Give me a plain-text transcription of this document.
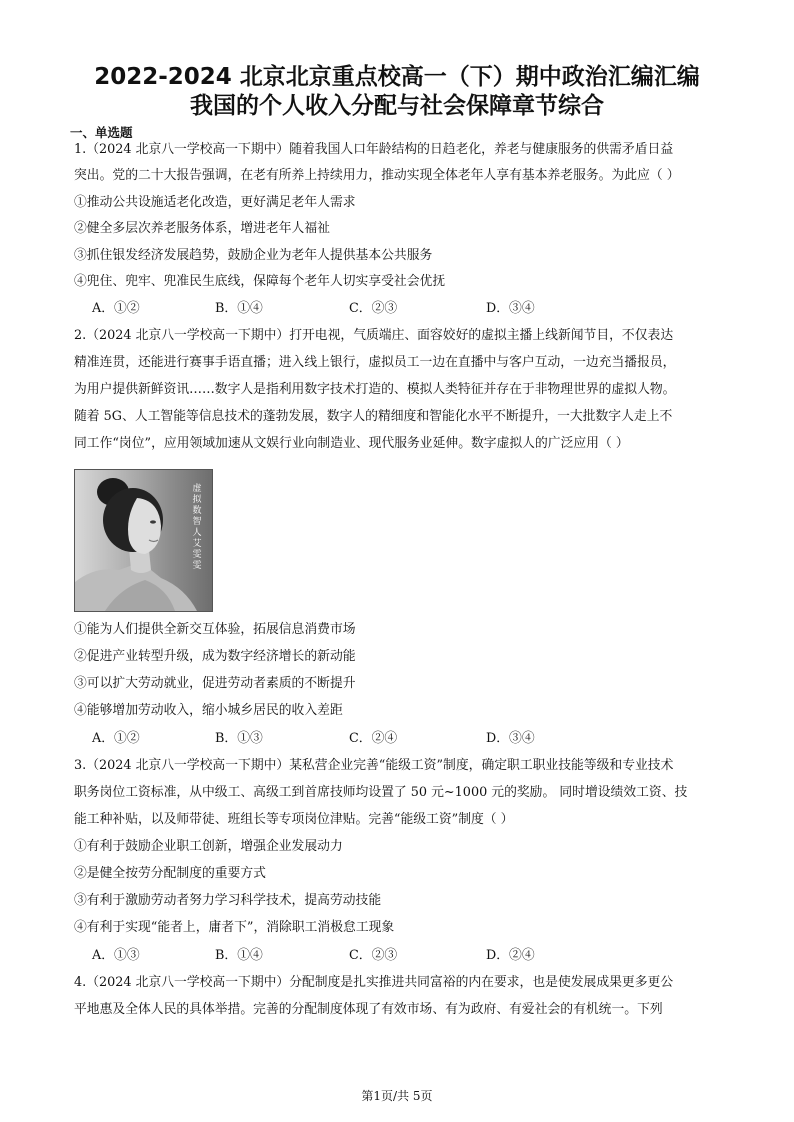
2022-2024 北京北京重点校高一（下）期中政治汇编汇编
我国的个人收入分配与社会保障章节综合
一、单选题
1.（2024 北京八一学校高一下期中）随着我国人口年龄结构的日趋老化，养老与健康服务的供需矛盾日益
突出。党的二十大报告强调，在老有所养上持续用力，推动实现全体老年人享有基本养老服务。为此应（ ）
①推动公共设施适老化改造，更好满足老年人需求
②健全多层次养老服务体系，增进老年人福祉
③抓住银发经济发展趋势，鼓励企业为老年人提供基本公共服务
④兜住、兜牢、兜准民生底线，保障每个老年人切实享受社会优抚
A．①②	B．①④	C．②③	D．③④
2.（2024 北京八一学校高一下期中）打开电视，气质端庄、面容姣好的虚拟主播上线新闻节目，不仅表达
精准连贯，还能进行赛事手语直播；进入线上银行，虚拟员工一边在直播中与客户互动，一边充当播报员，
为用户提供新鲜资讯……数字人是指利用数字技术打造的、模拟人类特征并存在于非物理世界的虚拟人物。
随着 5G、人工智能等信息技术的蓬勃发展，数字人的精细度和智能化水平不断提升，一大批数字人走上不
同工作“岗位”，应用领域加速从文娱行业向制造业、现代服务业延伸。数字虚拟人的广泛应用（ ）
虚拟数智人 艾雯雯
①能为人们提供全新交互体验，拓展信息消费市场
②促进产业转型升级，成为数字经济增长的新动能
③可以扩大劳动就业，促进劳动者素质的不断提升
④能够增加劳动收入，缩小城乡居民的收入差距
A．①②	B．①③	C．②④	D．③④
3.（2024 北京八一学校高一下期中）某私营企业完善“能级工资”制度，确定职工职业技能等级和专业技术
职务岗位工资标准，从中级工、高级工到首席技师均设置了 50 元~1000 元的奖励。 同时增设绩效工资、技
能工种补贴，以及师带徒、班组长等专项岗位津贴。完善“能级工资”制度（ ）
①有利于鼓励企业职工创新，增强企业发展动力
②是健全按劳分配制度的重要方式
③有利于激励劳动者努力学习科学技术，提高劳动技能
④有利于实现“能者上，庸者下”，消除职工消极怠工现象
A．①③	B．①④	C．②③	D．②④
4.（2024 北京八一学校高一下期中）分配制度是扎实推进共同富裕的内在要求，也是使发展成果更多更公
平地惠及全体人民的具体举措。完善的分配制度体现了有效市场、有为政府、有爱社会的有机统一。下列
第1页/共 5页
